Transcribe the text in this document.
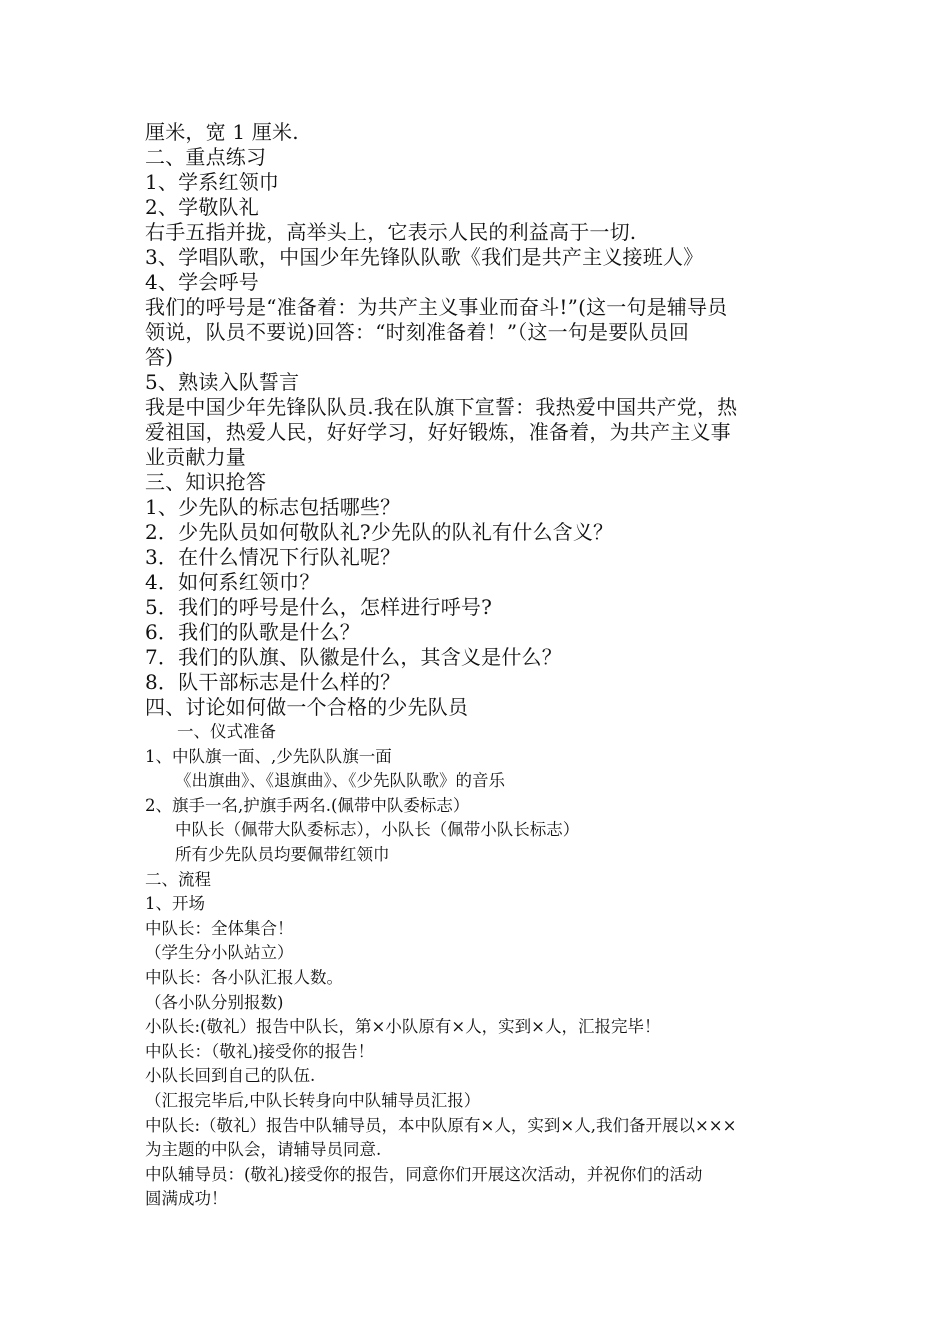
厘米，宽 1 厘米.

二、重点练习

1、学系红领巾

2、学敬队礼

右手五指并拢，高举头上，它表示人民的利益高于一切.

3、学唱队歌，中国少年先锋队队歌《我们是共产主义接班人》

4、学会呼号

我们的呼号是“准备着：为共产主义事业而奋斗!”(这一句是辅导员

领说，队员不要说)回答：“时刻准备着！”（这一句是要队员回

答)

5、熟读入队誓言

我是中国少年先锋队队员.我在队旗下宣誓：我热爱中国共产党，热

爱祖国，热爱人民，好好学习，好好锻炼，准备着，为共产主义事

业贡献力量

三、知识抢答

1、少先队的标志包括哪些？

2．少先队员如何敬队礼?少先队的队礼有什么含义？

3．在什么情况下行队礼呢？

4．如何系红领巾？

5．我们的呼号是什么，怎样进行呼号?

6．我们的队歌是什么？

7．我们的队旗、队徽是什么，其含义是什么？

8．队干部标志是什么样的？

四、讨论如何做一个合格的少先队员

一、仪式准备

1、中队旗一面、,少先队队旗一面

《出旗曲》、《退旗曲》、《少先队队歌》的音乐

2、旗手一名,护旗手两名.(佩带中队委标志）

中队长（佩带大队委标志），小队长（佩带小队长标志）

所有少先队员均要佩带红领巾

二、流程

1、开场

中队长：全体集合！

（学生分小队站立）

中队长：各小队汇报人数。

（各小队分别报数)

小队长:(敬礼）报告中队长，第×小队原有×人，实到×人，汇报完毕！

中队长：（敬礼)接受你的报告！

小队长回到自己的队伍.

（汇报完毕后,中队长转身向中队辅导员汇报）

中队长:（敬礼）报告中队辅导员，本中队原有×人，实到×人,我们备开展以×××

为主题的中队会，请辅导员同意.

中队辅导员：(敬礼)接受你的报告，同意你们开展这次活动，并祝你们的活动

圆满成功！
